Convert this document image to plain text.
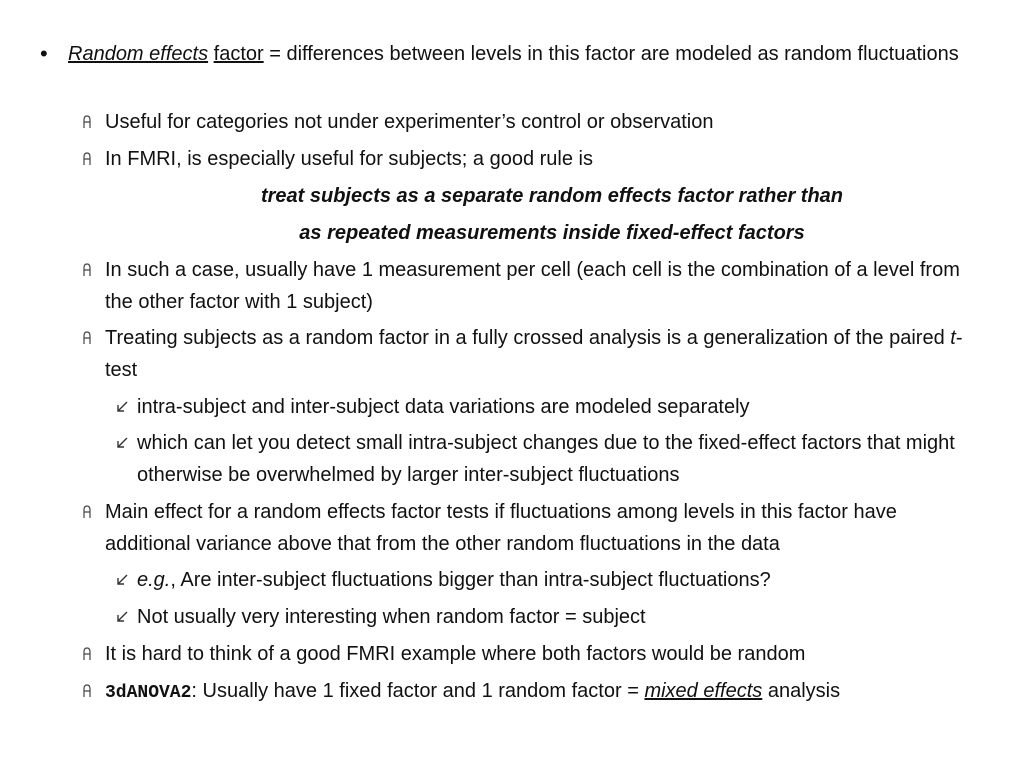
• Random effects factor = differences between levels in this factor are modeled as random fluctuations
Useful for categories not under experimenter’s control or observation
In FMRI, is especially useful for subjects; a good rule is
treat subjects as a separate random effects factor rather than
as repeated measurements inside fixed-effect factors
In such a case, usually have 1 measurement per cell (each cell is the combination of a level from the other factor with 1 subject)
Treating subjects as a random factor in a fully crossed analysis is a generalization of the paired t-test
intra-subject and inter-subject data variations are modeled separately
which can let you detect small intra-subject changes due to the fixed-effect factors that might otherwise be overwhelmed by larger inter-subject fluctuations
Main effect for a random effects factor tests if fluctuations among levels in this factor have additional variance above that from the other random fluctuations in the data
e.g., Are inter-subject fluctuations bigger than intra-subject fluctuations?
Not usually very interesting when random factor = subject
It is hard to think of a good FMRI example where both factors would be random
3dANOVA2: Usually have 1 fixed factor and 1 random factor = mixed effects analysis
